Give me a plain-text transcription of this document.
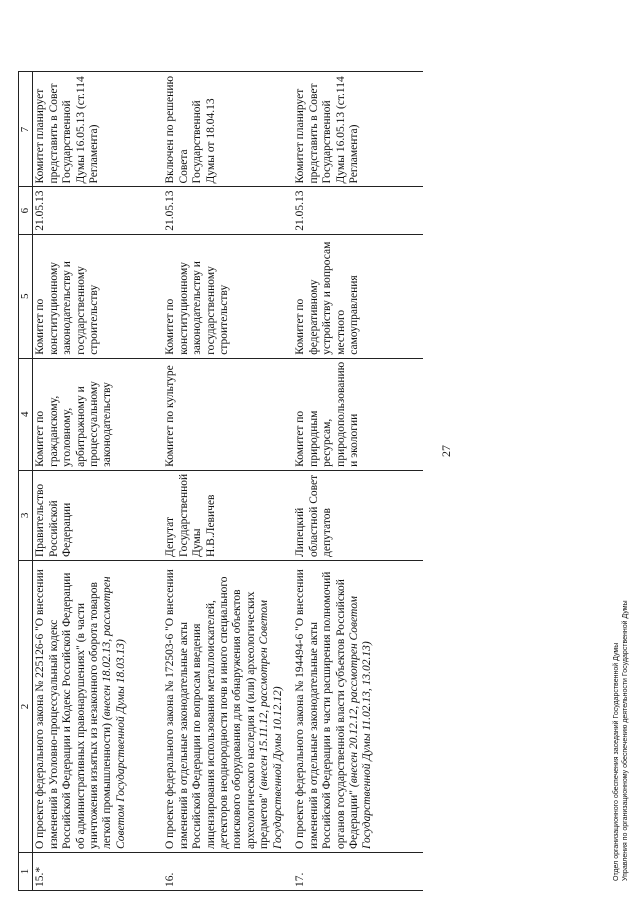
1	2	3	4	5	6	7
15.*	О проекте федерального закона № 225126-6 "О внесении изменений в Уголовно-процессуальный кодекс Российской Федерации и Кодекс Российской Федерации об административных правонарушениях" (в части уничтожения изъятых из незаконного оборота товаров легкой промышленности) (внесен 18.02.13, рассмотрен Советом Государственной Думы 18.03.13)	Правительство Российской Федерации	Комитет по гражданскому, уголовному, арбитражному и процессуальному законодательству	Комитет по конституционному законодательству и государственному строительству	21.05.13	Комитет планирует представить в Совет Государственной Думы 16.05.13 (ст.114 Регламента)
16.	О проекте федерального закона № 172503-6 "О внесении изменений в отдельные законодательные акты Российской Федерации по вопросам введения лицензирования использования металлоискателей, детекторов неоднородности почв и иного специального поискового оборудования для обнаружения объектов археологического наследия и (или) археологических предметов" (внесен 15.11.12, рассмотрен Советом Государственной Думы 10.12.12)	Депутат Государственной Думы Н.В.Левичев	Комитет по культуре	Комитет по конституционному законодательству и государственному строительству	21.05.13	Включен по решению Совета Государственной Думы от 18.04.13
17.	О проекте федерального закона № 194494-6 "О внесении изменений в отдельные законодательные акты Российской Федерации в части расширения полномочий органов государственной власти субъектов Российской Федерации" (внесен 20.12.12, рассмотрен Советом Государственной Думы 11.02.13, 13.02.13)	Липецкий областной Совет депутатов	Комитет по природным ресурсам, природопользованию и экологии	Комитет по федеративному устройству и вопросам местного самоуправления	21.05.13	Комитет планирует представить в Совет Государственной Думы 16.05.13 (ст.114 Регламента)
27
Отдел организационного обеспечения заседаний Государственной Думы Управления по организационному обеспечению деятельности Государственной Думы
